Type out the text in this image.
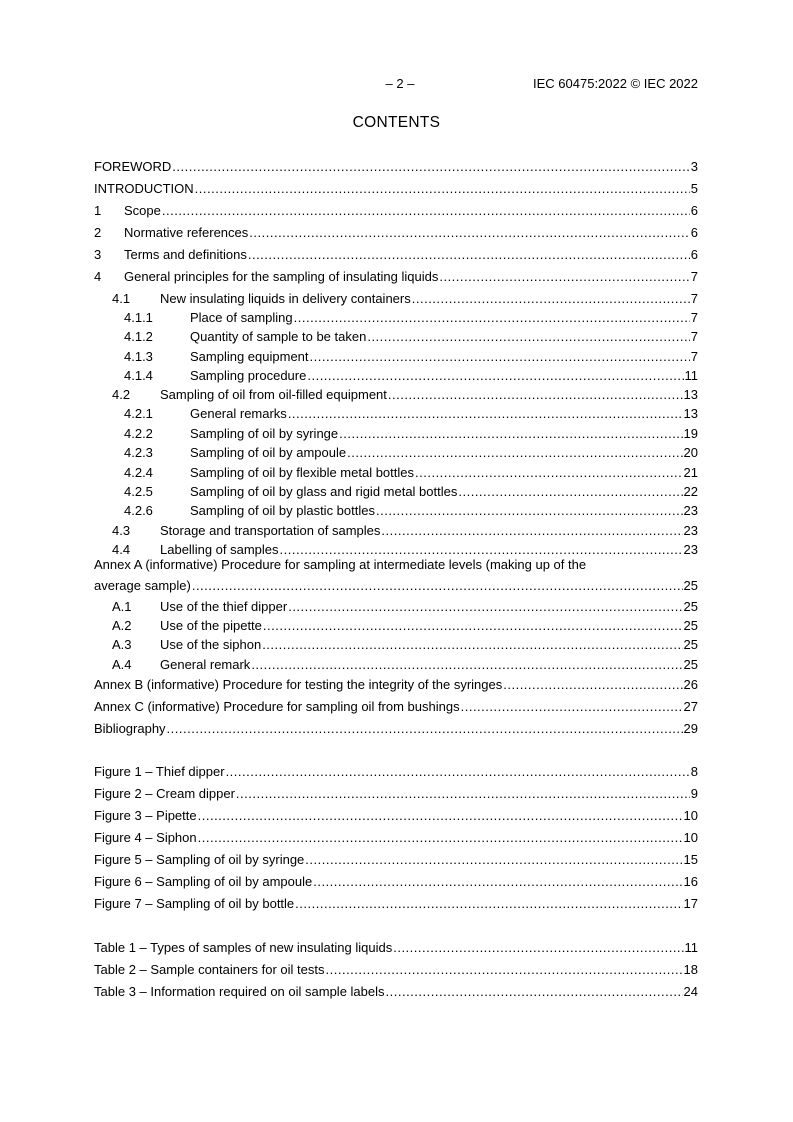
– 2 –	IEC 60475:2022 © IEC 2022
CONTENTS
FOREWORD .....	3
INTRODUCTION .....	5
1	Scope .....	6
2	Normative references .....	6
3	Terms and definitions .....	6
4	General principles for the sampling of insulating liquids .....	7
4.1	New insulating liquids in delivery containers .....	7
4.1.1	Place of sampling .....	7
4.1.2	Quantity of sample to be taken .....	7
4.1.3	Sampling equipment .....	7
4.1.4	Sampling procedure .....	11
4.2	Sampling of oil from oil-filled equipment .....	13
4.2.1	General remarks .....	13
4.2.2	Sampling of oil by syringe .....	19
4.2.3	Sampling of oil by ampoule .....	20
4.2.4	Sampling of oil by flexible metal bottles .....	21
4.2.5	Sampling of oil by glass and rigid metal bottles .....	22
4.2.6	Sampling of oil by plastic bottles .....	23
4.3	Storage and transportation of samples .....	23
4.4	Labelling of samples .....	23
Annex A (informative) Procedure for sampling at intermediate levels (making up of the
average sample) .....	25
A.1	Use of the thief dipper .....	25
A.2	Use of the pipette .....	25
A.3	Use of the siphon .....	25
A.4	General remark .....	25
Annex B (informative) Procedure for testing the integrity of the syringes .....	26
Annex C (informative) Procedure for sampling oil from bushings .....	27
Bibliography .....	29
Figure 1 – Thief dipper .....	8
Figure 2 – Cream dipper .....	9
Figure 3 – Pipette .....	10
Figure 4 – Siphon .....	10
Figure 5 – Sampling of oil by syringe .....	15
Figure 6 – Sampling of oil by ampoule .....	16
Figure 7 – Sampling of oil by bottle .....	17
Table 1 – Types of samples of new insulating liquids .....	11
Table 2 – Sample containers for oil tests .....	18
Table 3 – Information required on oil sample labels .....	24
